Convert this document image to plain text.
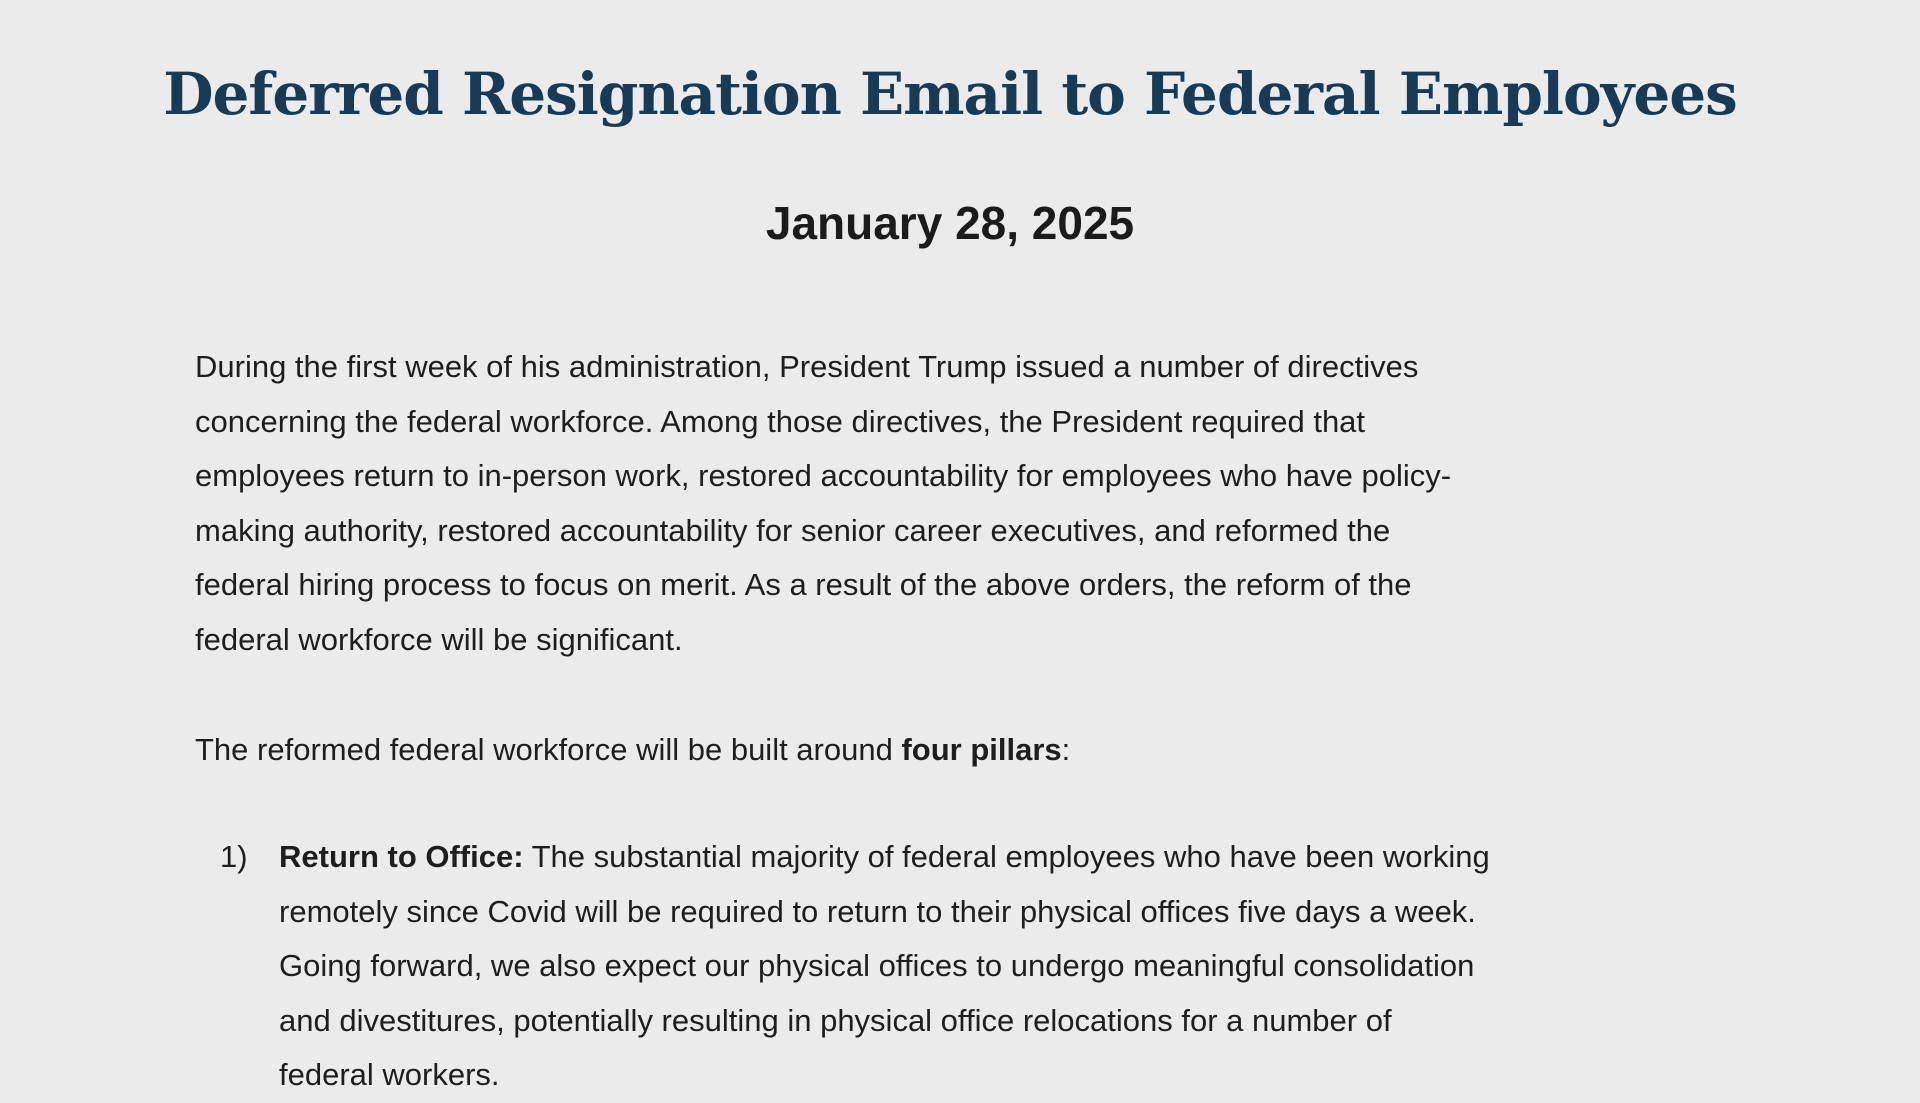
Deferred Resignation Email to Federal Employees
January 28, 2025
During the first week of his administration, President Trump issued a number of directives
concerning the federal workforce. Among those directives, the President required that
employees return to in-person work, restored accountability for employees who have policy-
making authority, restored accountability for senior career executives, and reformed the
federal hiring process to focus on merit. As a result of the above orders, the reform of the
federal workforce will be significant.
The reformed federal workforce will be built around four pillars:
1) Return to Office: The substantial majority of federal employees who have been working
remotely since Covid will be required to return to their physical offices five days a week.
Going forward, we also expect our physical offices to undergo meaningful consolidation
and divestitures, potentially resulting in physical office relocations for a number of
federal workers.
